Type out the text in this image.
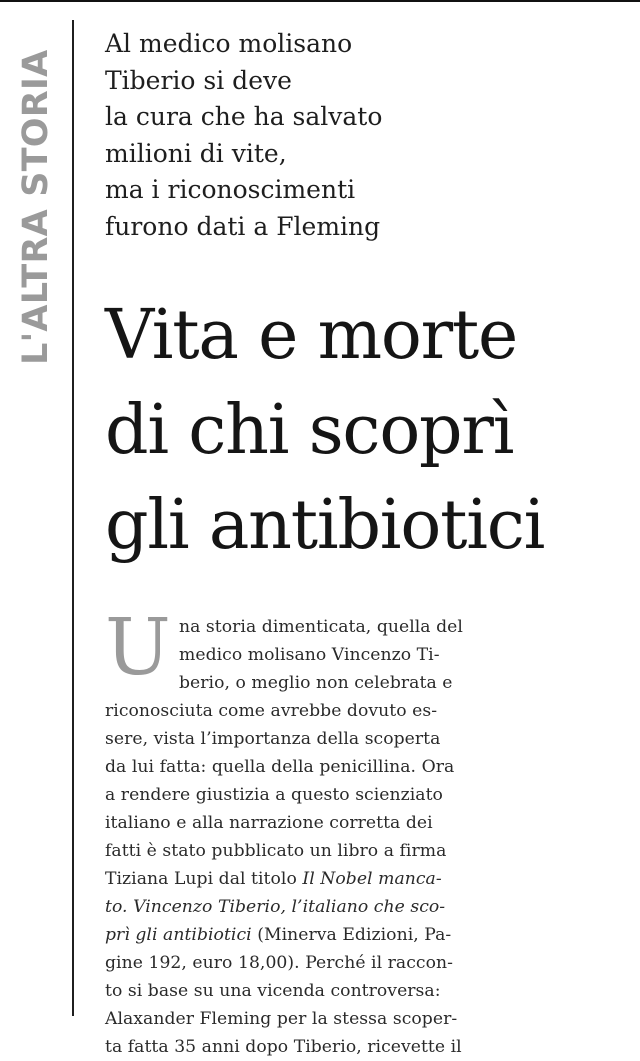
L'ALTRA STORIA

Al medico molisano
Tiberio si deve
la cura che ha salvato
milioni di vite,
ma i riconoscimenti
furono dati a Fleming

Vita e morte
di chi scoprì
gli antibiotici
U na storia dimenticata, quella del
medico molisano Vincenzo Ti-
berio, o meglio non celebrata e
riconosciuta come avrebbe dovuto es-
sere, vista l’importanza della scoperta
da lui fatta: quella della penicillina. Ora
a rendere giustizia a questo scienziato
italiano e alla narrazione corretta dei
fatti è stato pubblicato un libro a firma
Tiziana Lupi dal titolo Il Nobel manca-
to. Vincenzo Tiberio, l’italiano che sco-
prì gli antibiotici (Minerva Edizioni, Pa-
gine 192, euro 18,00). Perché il raccon-
to si base su una vicenda controversa:
Alaxander Fleming per la stessa scoper-
ta fatta 35 anni dopo Tiberio, ricevette il
